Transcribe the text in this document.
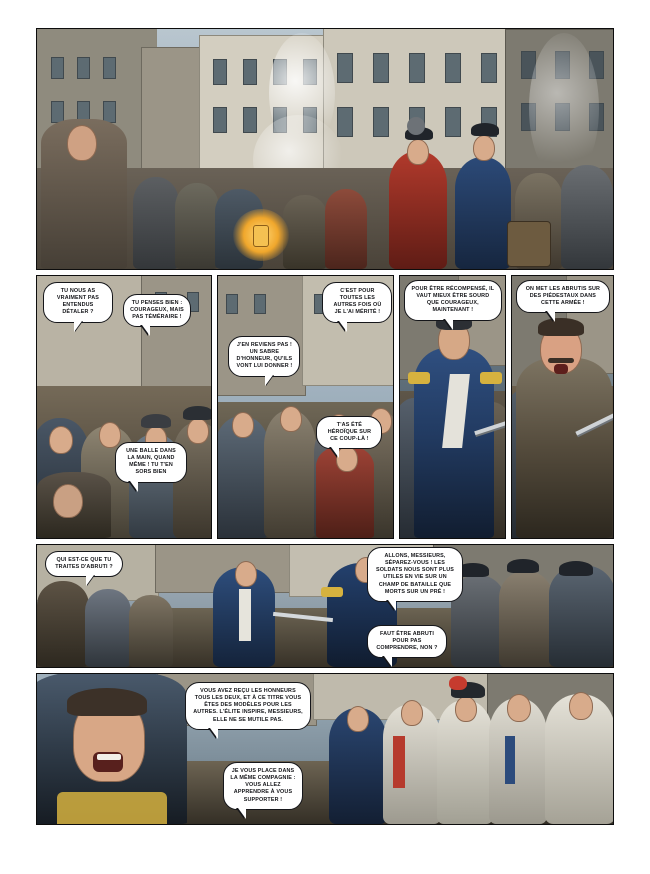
TU NOUS AS VRAIMENT PAS ENTENDUS DÉTALER ?
TU PENSES BIEN : COURAGEUX, MAIS PAS TÉMÉRAIRE !
UNE BALLE DANS LA MAIN, QUAND MÊME ! TU T'EN SORS BIEN
J'EN REVIENS PAS ! UN SABRE D'HONNEUR, QU'ILS VONT LUI DONNER !
C'EST POUR TOUTES LES AUTRES FOIS OÙ JE L'AI MÉRITÉ !
T'AS ÉTÉ HÉROÏQUE SUR CE COUP-LÀ !
POUR ÊTRE RÉCOMPENSÉ, IL VAUT MIEUX ÊTRE SOURD QUE COURAGEUX, MAINTENANT !
ON MET LES ABRUTIS SUR DES PIÉDESTAUX DANS CETTE ARMÉE !
QUI EST-CE QUE TU TRAITES D'ABRUTI ?
ALLONS, MESSIEURS, SÉPAREZ-VOUS ! LES SOLDATS NOUS SONT PLUS UTILES EN VIE SUR UN CHAMP DE BATAILLE QUE MORTS SUR UN PRÉ !
FAUT ÊTRE ABRUTI POUR PAS COMPRENDRE, NON ?
VOUS AVEZ REÇU LES HONNEURS TOUS LES DEUX, ET À CE TITRE VOUS ÊTES DES MODÈLES POUR LES AUTRES. L'ÉLITE INSPIRE, MESSIEURS, ELLE NE SE MUTILE PAS.
JE VOUS PLACE DANS LA MÊME COMPAGNIE : VOUS ALLEZ APPRENDRE À VOUS SUPPORTER !
